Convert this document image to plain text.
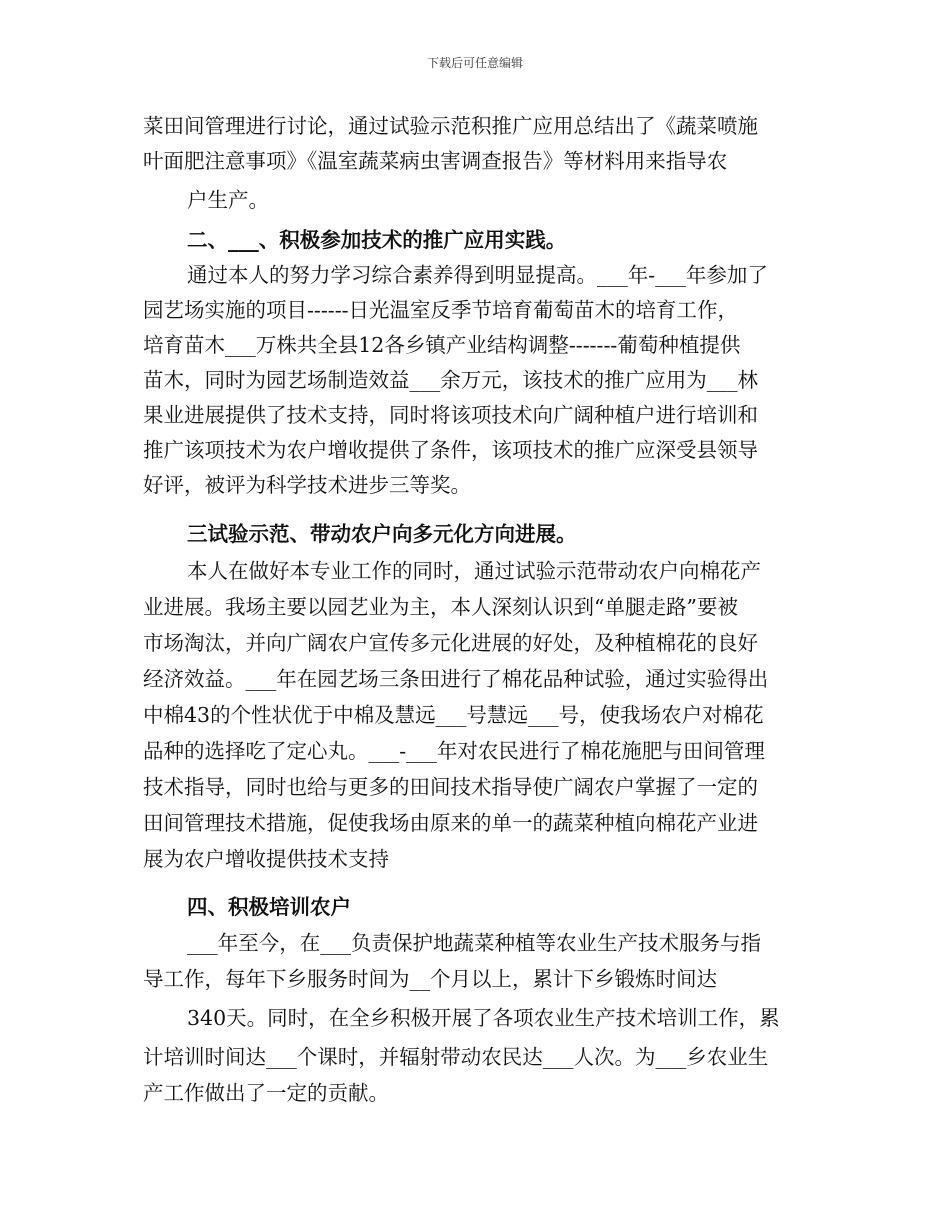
下载后可任意编辑
菜田间管理进行讨论，通过试验示范积推广应用总结出了《蔬菜喷施
叶面肥注意事项》《温室蔬菜病虫害调查报告》等材料用来指导农
户生产。
二、___、积极参加技术的推广应用实践。
通过本人的努力学习综合素养得到明显提高。___年-___年参加了
园艺场实施的项目------日光温室反季节培育葡萄苗木的培育工作，
培育苗木___万株共全县12各乡镇产业结构调整-------葡萄种植提供
苗木，同时为园艺场制造效益___余万元，该技术的推广应用为___林
果业进展提供了技术支持，同时将该项技术向广阔种植户进行培训和
推广该项技术为农户增收提供了条件，该项技术的推广应深受县领导
好评，被评为科学技术进步三等奖。
三试验示范、带动农户向多元化方向进展。
本人在做好本专业工作的同时，通过试验示范带动农户向棉花产
业进展。我场主要以园艺业为主，本人深刻认识到“单腿走路”要被
市场淘汰，并向广阔农户宣传多元化进展的好处，及种植棉花的良好
经济效益。___年在园艺场三条田进行了棉花品种试验，通过实验得出
中棉43的个性状优于中棉及慧远___号慧远___号，使我场农户对棉花
品种的选择吃了定心丸。___-___年对农民进行了棉花施肥与田间管理
技术指导，同时也给与更多的田间技术指导使广阔农户掌握了一定的
田间管理技术措施，促使我场由原来的单一的蔬菜种植向棉花产业进
展为农户增收提供技术支持
四、积极培训农户
___年至今，在___负责保护地蔬菜种植等农业生产技术服务与指
导工作，每年下乡服务时间为__个月以上，累计下乡锻炼时间达
340天。同时，在全乡积极开展了各项农业生产技术培训工作，累
计培训时间达___个课时，并辐射带动农民达___人次。为___乡农业生
产工作做出了一定的贡献。
